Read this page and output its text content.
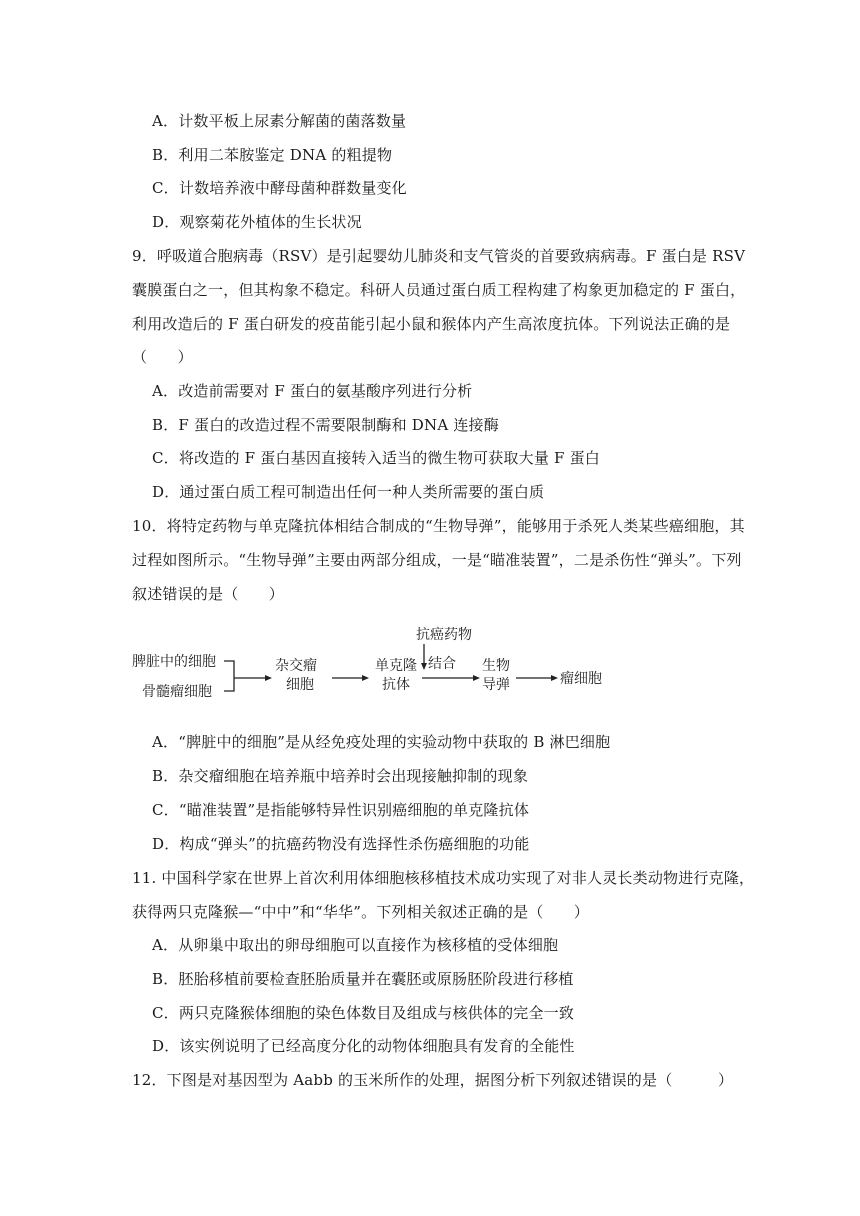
A．计数平板上尿素分解菌的菌落数量
B．利用二苯胺鉴定 DNA 的粗提物
C．计数培养液中酵母菌种群数量变化
D．观察菊花外植体的生长状况
9．呼吸道合胞病毒（RSV）是引起婴幼儿肺炎和支气管炎的首要致病病毒。F 蛋白是 RSV
囊膜蛋白之一，但其构象不稳定。科研人员通过蛋白质工程构建了构象更加稳定的 F 蛋白，
利用改造后的 F 蛋白研发的疫苗能引起小鼠和猴体内产生高浓度抗体。下列说法正确的是
（　　）
A．改造前需要对 F 蛋白的氨基酸序列进行分析
B．F 蛋白的改造过程不需要限制酶和 DNA 连接酶
C．将改造的 F 蛋白基因直接转入适当的微生物可获取大量 F 蛋白
D．通过蛋白质工程可制造出任何一种人类所需要的蛋白质
10．将特定药物与单克隆抗体相结合制成的“生物导弹”，能够用于杀死人类某些癌细胞，其
过程如图所示。“生物导弹”主要由两部分组成，一是“瞄准装置”，二是杀伤性“弹头”。下列
叙述错误的是（　　）
脾脏中的细胞
骨髓瘤细胞
杂交瘤
细胞
单克隆
抗体
抗癌药物
结合 生物
导弹	瘤细胞
A．“脾脏中的细胞”是从经免疫处理的实验动物中获取的 B 淋巴细胞
B．杂交瘤细胞在培养瓶中培养时会出现接触抑制的现象
C．“瞄准装置”是指能够特异性识别癌细胞的单克隆抗体
D．构成“弹头”的抗癌药物没有选择性杀伤癌细胞的功能
11. 中国科学家在世界上首次利用体细胞核移植技术成功实现了对非人灵长类动物进行克隆，
获得两只克隆猴—“中中”和“华华”。下列相关叙述正确的是（　　）
A．从卵巢中取出的卵母细胞可以直接作为核移植的受体细胞
B．胚胎移植前要检查胚胎质量并在囊胚或原肠胚阶段进行移植
C．两只克隆猴体细胞的染色体数目及组成与核供体的完全一致
D．该实例说明了已经高度分化的动物体细胞具有发育的全能性
12．下图是对基因型为 Aabb 的玉米所作的处理，据图分析下列叙述错误的是（　　　）
